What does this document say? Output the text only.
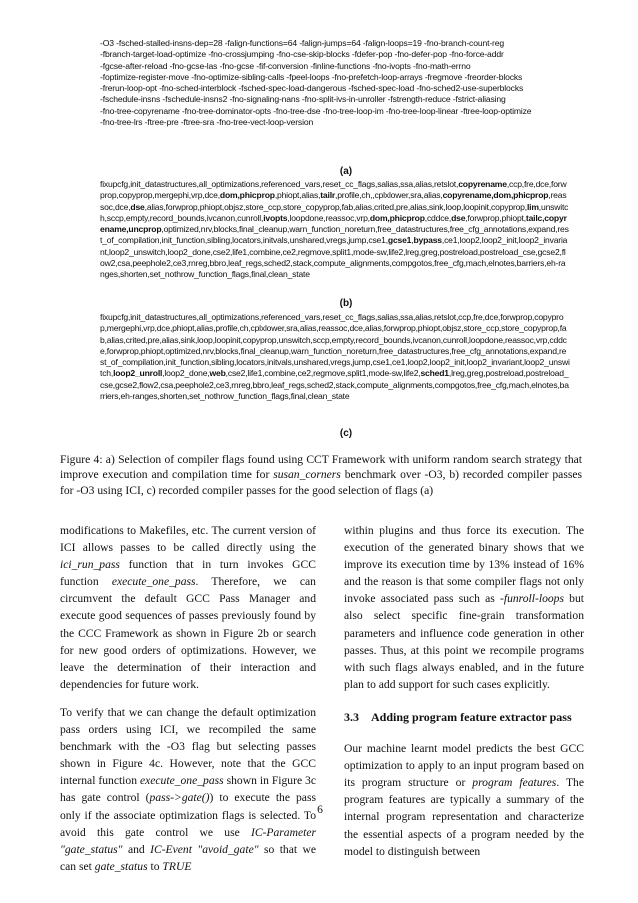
-O3 -fsched-stalled-insns-dep=28 -falign-functions=64 -falign-jumps=64 -falign-loops=19 -fno-branch-count-reg
-fbranch-target-load-optimize -fno-crossjumping -fno-cse-skip-blocks -fdefer-pop -fno-defer-pop -fno-force-addr
-fgcse-after-reload -fno-gcse-las -fno-gcse -fif-conversion -finline-functions -fno-ivopts -fno-math-errno
-foptimize-register-move -fno-optimize-sibling-calls -fpeel-loops -fno-prefetch-loop-arrays -fregmove -freorder-blocks
-frerun-loop-opt -fno-sched-interblock -fsched-spec-load-dangerous -fsched-spec-load -fno-sched2-use-superblocks
-fschedule-insns -fschedule-insns2 -fno-signaling-nans -fno-split-ivs-in-unroller -fstrength-reduce -fstrict-aliasing
-fno-tree-copyrename -fno-tree-dominator-opts -fno-tree-dse -fno-tree-loop-im -fno-tree-loop-linear -ftree-loop-optimize
-fno-tree-lrs -ftree-pre -ftree-sra -fno-tree-vect-loop-version
(a)
fixupcfg,init_datastructures,all_optimizations,referenced_vars,reset_cc_flags,salias,ssa,alias,retslot,copyrename,ccp,fre,dce,forwprop,copyprop,mergephi,vrp,dce,dom,phicprop,phiopt,alias,tailr,profile,ch,,cplxlower,sra,alias,copyrename,dom,phicprop,reassoc,dce,dse,alias,forwprop,phiopt,objsz,store_ccp,store_copyprop,fab,alias,crited,pre,alias,sink,loop,loopinit,copyprop,lim,unswitch,sccp,empty,record_bounds,ivcanon,cunroll,ivopts,loopdone,reassoc,vrp,dom,phicprop,cddce,dse,forwprop,phiopt,tailc,copyrename,uncprop,optimized,nrv,blocks,final_cleanup,warn_function_noreturn,free_datastructures,free_cfg_annotations,expand,rest_of_compilation,init_function,sibling,locators,initvals,unshared,vregs,jump,cse1,gcse1,bypass,ce1,loop2,loop2_init,loop2_invariant,loop2_unswitch,loop2_done,cse2,life1,combine,ce2,regmove,split1,mode-sw,life2,lreg,greg,postreload,postreload_cse,gcse2,flow2,csa,peephole2,ce3,rnreg,bbro,leaf_regs,sched2,stack,compute_alignments,compgotos,free_cfg,mach,elnotes,barriers,eh-ranges,shorten,set_nothrow_function_flags,final,clean_state
(b)
fixupcfg,init_datastructures,all_optimizations,referenced_vars,reset_cc_flags,salias,ssa,alias,retslot,ccp,fre,dce,forwprop,copyprop,mergephi,vrp,dce,phiopt,alias,profile,ch,cplxlower,sra,alias,reassoc,dce,alias,forwprop,phiopt,objsz,store_ccp,store_copyprop,fab,alias,crited,pre,alias,sink,loop,loopinit,copyprop,unswitch,sccp,empty,record_bounds,ivcanon,cunroll,loopdone,reassoc,vrp,cddce,forwprop,phiopt,optimized,nrv,blocks,final_cleanup,warn_function_noreturn,free_datastructures,free_cfg_annotations,expand,rest_of_compilation,init_function,sibling,locators,initvals,unshared,vregs,jump,cse1,ce1,loop2,loop2_init,loop2_invariant,loop2_unswitch,loop2_unroll,loop2_done,web,cse2,life1,combine,ce2,regmove,split1,mode-sw,life2,sched1,lreg,greg,postreload,postreload_cse,gcse2,flow2,csa,peephole2,ce3,rnreg,bbro,leaf_regs,sched2,stack,compute_alignments,compgotos,free_cfg,mach,elnotes,barriers,eh-ranges,shorten,set_nothrow_function_flags,final,clean_state
(c)
Figure 4: a) Selection of compiler flags found using CCT Framework with uniform random search strategy that improve execution and compilation time for susan_corners benchmark over -O3, b) recorded compiler passes for -O3 using ICI, c) recorded compiler passes for the good selection of flags (a)

modifications to Makefiles, etc. The current version of ICI allows passes to be called directly using the ici_run_pass function that in turn invokes GCC function execute_one_pass. Therefore, we can circumvent the default GCC Pass Manager and execute good sequences of passes previously found by the CCC Framework as shown in Figure 2b or search for new good orders of optimizations. However, we leave the determination of their interaction and dependencies for future work.

To verify that we can change the default optimization pass orders using ICI, we recompiled the same benchmark with the -O3 flag but selecting passes shown in Figure 4c. However, note that the GCC internal function execute_one_pass shown in Figure 3c has gate control (pass->gate()) to execute the pass only if the associate optimization flags is selected. To avoid this gate control we use IC-Parameter "gate_status" and IC-Event "avoid_gate" so that we can set gate_status to TRUE

within plugins and thus force its execution. The execution of the generated binary shows that we improve its execution time by 13% instead of 16% and the reason is that some compiler flags not only invoke associated pass such as -funroll-loops but also select specific fine-grain transformation parameters and influence code generation in other passes. Thus, at this point we recompile programs with such flags always enabled, and in the future plan to add support for such cases explicitly.

3.3 Adding program feature extractor pass

Our machine learnt model predicts the best GCC optimization to apply to an input program based on its program structure or program features. The program features are typically a summary of the internal program representation and characterize the essential aspects of a program needed by the model to distinguish between

6
